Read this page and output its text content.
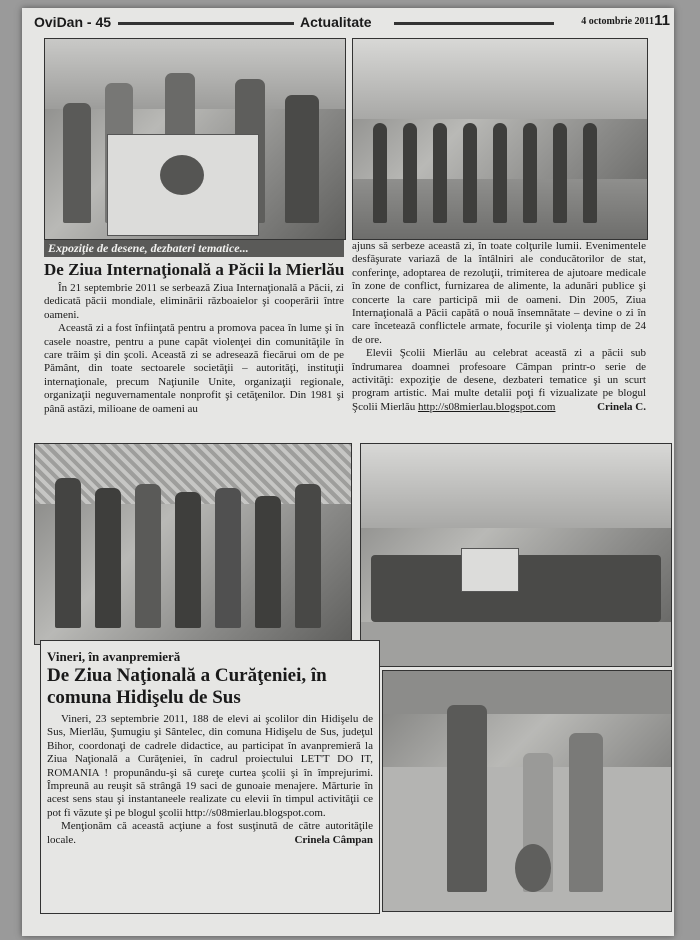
OviDan - 45	Actualitate	4 octombrie 2011 11
Expoziţie de desene, dezbateri tematice...
De Ziua Internaţională a Păcii la Mierlău

În 21 septembrie 2011 se serbează Ziua Internaţională a Păcii, zi dedicată păcii mondiale, eliminării războaielor şi cooperării între oameni.

Această zi a fost înfiinţată pentru a promova pacea în lume şi în casele noastre, pentru a pune capăt violenţei din comunităţile în care trăim şi din şcoli. Această zi se adresează fiecărui om de pe Pământ, din toate sectoarele societăţii – autorităţi, instituţii internaţionale, precum Naţiunile Unite, organizaţii regionale, organizaţii neguvernamentale nonprofit şi cetăţenilor. Din 1981 şi până astăzi, milioane de oameni au

ajuns să serbeze această zi, în toate colţurile lumii. Evenimentele desfăşurate variază de la întâlniri ale conducătorilor de stat, conferinţe, adoptarea de rezoluţii, trimiterea de ajutoare medicale în zone de conflict, furnizarea de alimente, la adunări publice şi concerte la care participă mii de oameni. Din 2005, Ziua Internaţională a Păcii capătă o nouă însemnătate – devine o zi în care încetează conflictele armate, focurile şi violenţa timp de 24 de ore.

Elevii Şcolii Mierlău au celebrat această zi a păcii sub îndrumarea doamnei profesoare Câmpan printr-o serie de activităţi: expoziţie de desene, dezbateri tematice şi un scurt program artistic. Mai multe detalii poţi fi vizualizate pe blogul Şcolii Mierlău http://s08mierlau.blogspot.com	Crinela C.

Vineri, în avanpremieră
De Ziua Naţională a Curăţeniei, în comuna Hidişelu de Sus

Vineri, 23 septembrie 2011, 188 de elevi ai şcolilor din Hidişelu de Sus, Mierlău, Şumugiu şi Sântelec, din comuna Hidişelu de Sus, judeţul Bihor, coordonaţi de cadrele didactice, au participat în avanpremieră la Ziua Naţională a Curăţeniei, în cadrul proiectului LET'T DO IT, ROMANIA ! propunându-şi să cureţe curtea şcolii şi în împrejurimi. Împreună au reuşit să strângă 19 saci de gunoaie menajere. Mărturie în acest sens stau şi instantaneele realizate cu elevii în timpul activităţii ce pot fi văzute şi pe blogul şcolii http://s08mierlau.blogspot.com.

Menţionăm că această acţiune a fost susţinută de către autorităţile locale.	Crinela Câmpan
